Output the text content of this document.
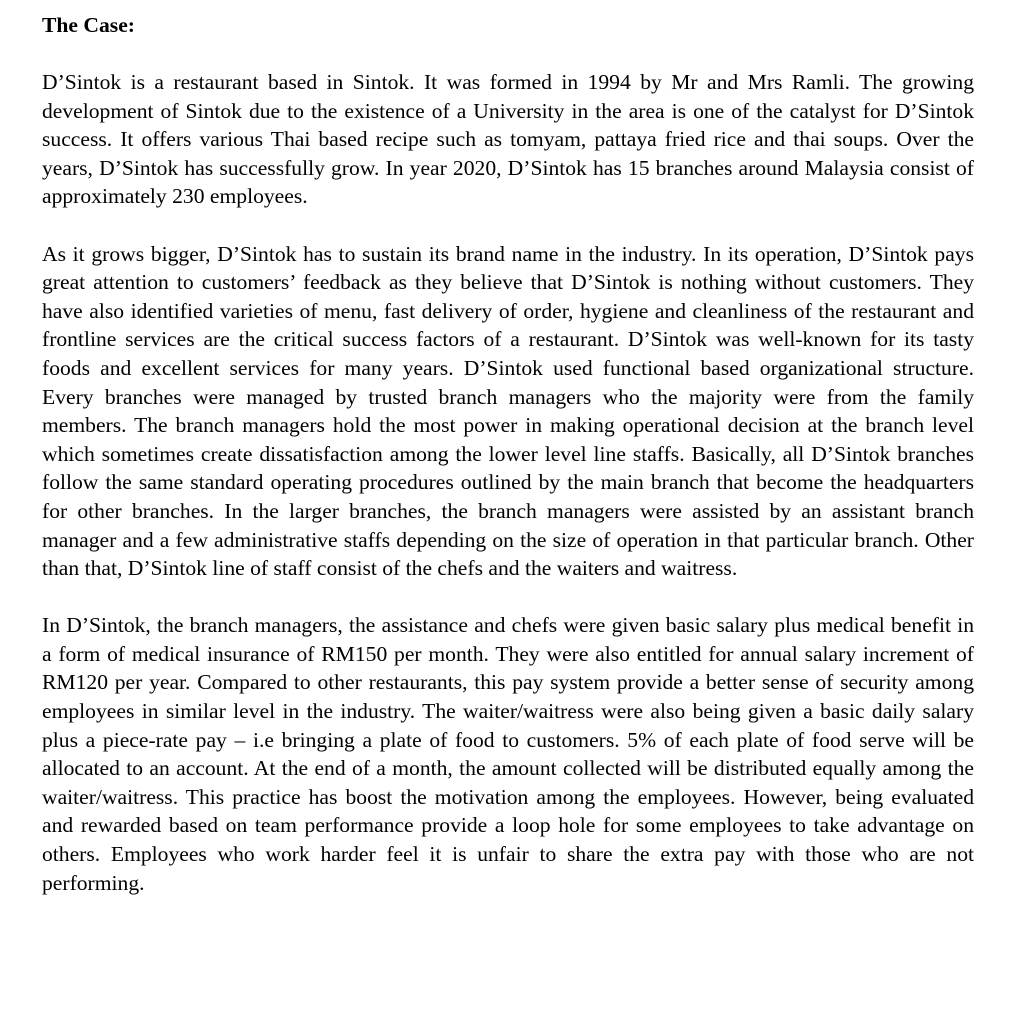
The Case:

D’Sintok is a restaurant based in Sintok. It was formed in 1994 by Mr and Mrs Ramli. The growing development of Sintok due to the existence of a University in the area is one of the catalyst for D’Sintok success. It offers various Thai based recipe such as tomyam, pattaya fried rice and thai soups. Over the years, D’Sintok has successfully grow. In year 2020, D’Sintok has 15 branches around Malaysia consist of approximately 230 employees.

As it grows bigger, D’Sintok has to sustain its brand name in the industry. In its operation, D’Sintok pays great attention to customers’ feedback as they believe that D’Sintok is nothing without customers. They have also identified varieties of menu, fast delivery of order, hygiene and cleanliness of the restaurant and frontline services are the critical success factors of a restaurant. D’Sintok was well-known for its tasty foods and excellent services for many years. D’Sintok used functional based organizational structure. Every branches were managed by trusted branch managers who the majority were from the family members. The branch managers hold the most power in making operational decision at the branch level which sometimes create dissatisfaction among the lower level line staffs. Basically, all D’Sintok branches follow the same standard operating procedures outlined by the main branch that become the headquarters for other branches. In the larger branches, the branch managers were assisted by an assistant branch manager and a few administrative staffs depending on the size of operation in that particular branch. Other than that, D’Sintok line of staff consist of the chefs and the waiters and waitress.

In D’Sintok, the branch managers, the assistance and chefs were given basic salary plus medical benefit in a form of medical insurance of RM150 per month. They were also entitled for annual salary increment of RM120 per year. Compared to other restaurants, this pay system provide a better sense of security among employees in similar level in the industry. The waiter/waitress were also being given a basic daily salary plus a piece-rate pay – i.e bringing a plate of food to customers. 5% of each plate of food serve will be allocated to an account. At the end of a month, the amount collected will be distributed equally among the waiter/waitress. This practice has boost the motivation among the employees. However, being evaluated and rewarded based on team performance provide a loop hole for some employees to take advantage on others. Employees who work harder feel it is unfair to share the extra pay with those who are not performing.
